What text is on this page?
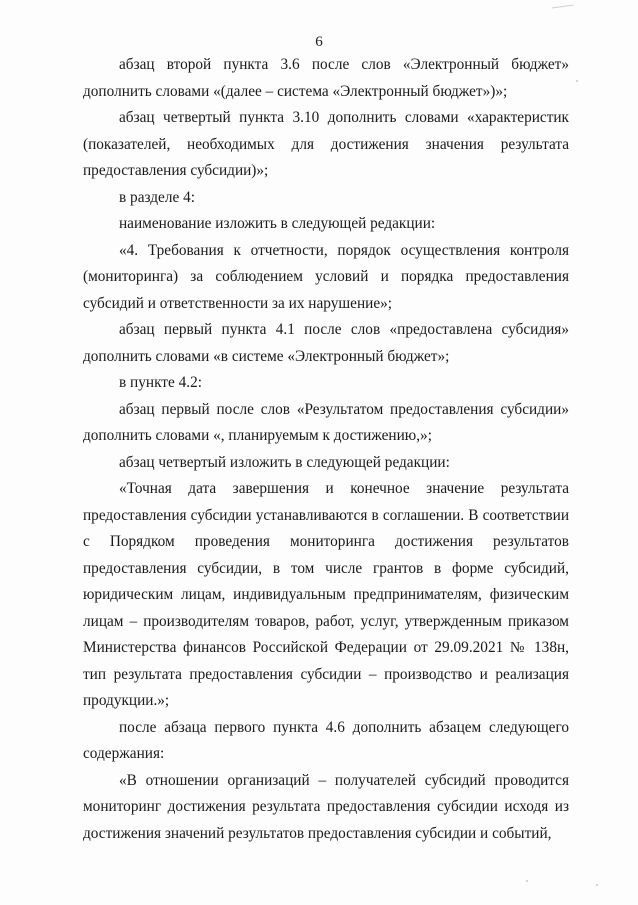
6

абзац второй пункта 3.6 после слов «Электронный бюджет» дополнить словами «(далее – система «Электронный бюджет»)»;

абзац четвертый пункта 3.10 дополнить словами «характеристик (показателей, необходимых для достижения значения результата предоставления субсидии)»;

в разделе 4:

наименование изложить в следующей редакции:

«4. Требования к отчетности, порядок осуществления контроля (мониторинга) за соблюдением условий и порядка предоставления субсидий и ответственности за их нарушение»;

абзац первый пункта 4.1 после слов «предоставлена субсидия» дополнить словами «в системе «Электронный бюджет»;

в пункте 4.2:

абзац первый после слов «Результатом предоставления субсидии» дополнить словами «, планируемым к достижению,»;

абзац четвертый изложить в следующей редакции:

«Точная дата завершения и конечное значение результата предоставления субсидии устанавливаются в соглашении. В соответствии с Порядком проведения мониторинга достижения результатов предоставления субсидии, в том числе грантов в форме субсидий, юридическим лицам, индивидуальным предпринимателям, физическим лицам – производителям товаров, работ, услуг, утвержденным приказом Министерства финансов Российской Федерации от 29.09.2021 № 138н, тип результата предоставления субсидии – производство и реализация продукции.»;

после абзаца первого пункта 4.6 дополнить абзацем следующего содержания:

«В отношении организаций – получателей субсидий проводится мониторинг достижения результата предоставления субсидии исходя из достижения значений результатов предоставления субсидии и событий,
